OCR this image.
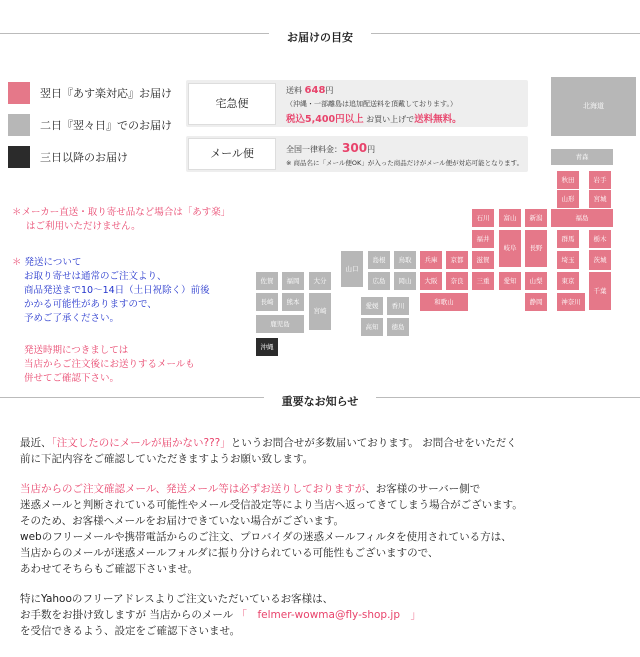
お届けの目安
翌日『あす楽対応』お届け
二日『翌々日』でのお届け
三日以降のお届け
宅急便
送料 648円
（沖縄・一部離島は追加配送料を頂戴しております。）
税込5,400円以上 お買い上げで送料無料。
メール便	全国一律料金：300円
※ 商品名に「メール便OK」が入った商品だけがメール便が対応可能となります。
＊メーカー直送・取り寄せ品など場合は「あす楽」
はご利用いただけません。
＊ 発送について
お取り寄せは通常のご注文より、
商品発送まで10〜14日（土日祝除く）前後
かかる可能性がありますので、
予めご了承ください。
発送時期につきましては
当店からご注文後にお送りするメールも
併せてご確認下さい。
北海道
青森
秋田	岩手
山形	宮城
石川	富山	新潟	福島
福井	群馬	栃木
岐阜	長野
茨城
埼玉
山口
島根	鳥取	兵庫	京都	滋賀
山梨	東京
佐賀	福岡	大分	広島	岡山	大阪	奈良	三重	愛知
静岡	神奈川
千葉
長崎	熊本
宮崎
和歌山
愛媛	香川
鹿児島	高知	徳島
沖縄
重要なお知らせ
最近、「注文したのにメールが届かない???」というお問合せが多数届いております。 お問合せをいただく
前に下記内容をご確認していただきますようお願い致します。
当店からのご注文確認メール、発送メール等は必ずお送りしておりますが、お客様のサーバー側で
迷惑メールと判断されている可能性やメール受信設定等により当店へ返ってきてしまう場合がございます。
そのため、お客様へメールをお届けできていない場合がございます。
webのフリーメールや携帯電話からのご注文、プロバイダの迷惑メールフィルタを使用されている方は、
当店からのメールが迷惑メールフォルダに振り分けられている可能性もございますので、
あわせてそちらもご確認下さいませ。
特にYahooのフリーアドレスよりご注文いただいているお客様は、
お手数をお掛け致しますが 当店からのメール 「　felmer-wowma@fly-shop.jp　」
を受信できるよう、設定をご確認下さいませ。
